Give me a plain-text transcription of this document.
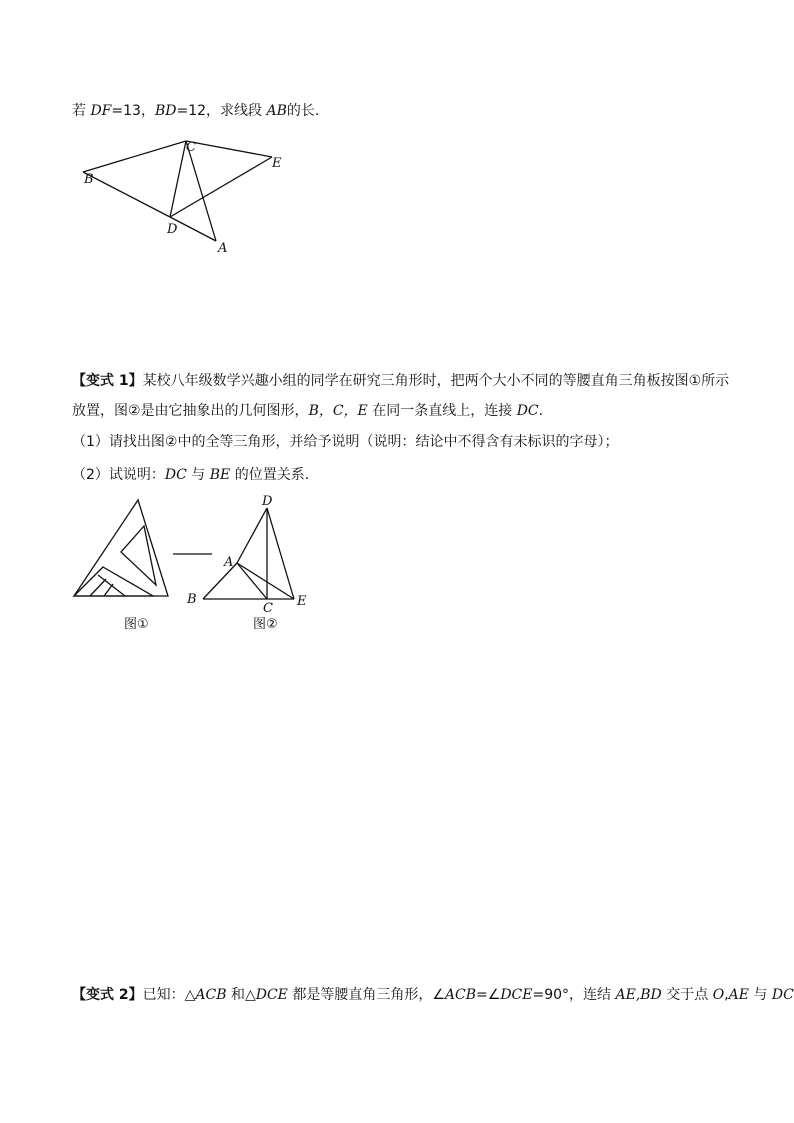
若 DF=13，BD=12，求线段 AB的长.
B
C
E
D
A
【变式 1】某校八年级数学兴趣小组的同学在研究三角形时，把两个大小不同的等腰直角三角板按图①所示
放置，图②是由它抽象出的几何图形，B，C，E 在同一条直线上，连接 DC.
（1）请找出图②中的全等三角形，并给予说明（说明：结论中不得含有未标识的字母）；
（2）试说明：DC 与 BE 的位置关系.
D
A
B
C E
图①	图②
【变式 2】已知：△ACB 和△DCE 都是等腰直角三角形，∠ACB=∠DCE=90°，连结 AE,BD 交于点 O,AE 与 DC
